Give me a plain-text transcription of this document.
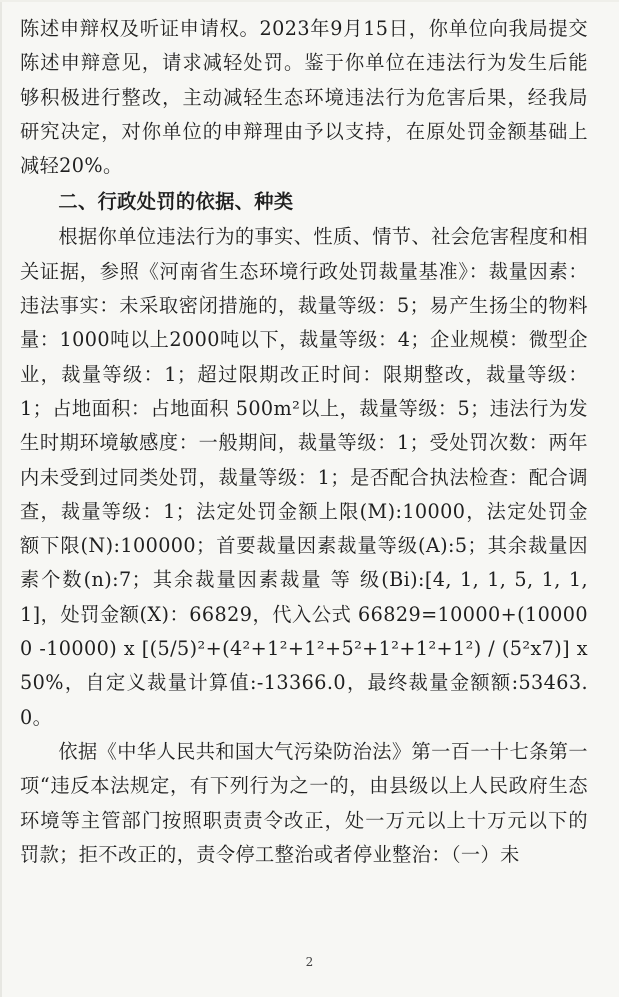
陈述申辩权及听证申请权。2023年9月15日，你单位向我局提交陈述申辩意见，请求减轻处罚。鉴于你单位在违法行为发生后能够积极进行整改，主动减轻生态环境违法行为危害后果，经我局研究决定，对你单位的申辩理由予以支持，在原处罚金额基础上减轻20%。

二、行政处罚的依据、种类

根据你单位违法行为的事实、性质、情节、社会危害程度和相关证据，参照《河南省生态环境行政处罚裁量基准》：裁量因素：违法事实：未采取密闭措施的，裁量等级：5；易产生扬尘的物料量：1000吨以上2000吨以下，裁量等级：4；企业规模：微型企业，裁量等级：1；超过限期改正时间：限期整改，裁量等级：1；占地面积：占地面积 500m²以上，裁量等级：5；违法行为发生时期环境敏感度：一般期间，裁量等级：1；受处罚次数：两年内未受到过同类处罚，裁量等级：1；是否配合执法检查：配合调查，裁量等级：1；法定处罚金额上限(M):10000，法定处罚金额下限(N):100000；首要裁量因素裁量等级(A):5；其余裁量因素个数(n):7；其余裁量因素裁量 等 级(Bi):[4, 1, 1, 5, 1, 1, 1]，处罚金额(X)：66829，代入公式 66829=10000+(100000 -10000) x [(5/5)²+(4²+1²+1²+5²+1²+1²+1²) / (5²x7)] x50%，自定义裁量计算值:-13366.0，最终裁量金额额:53463.0。

依据《中华人民共和国大气污染防治法》第一百一十七条第一项“违反本法规定，有下列行为之一的，由县级以上人民政府生态环境等主管部门按照职责责令改正，处一万元以上十万元以下的罚款；拒不改正的，责令停工整治或者停业整治：（一）未

2
